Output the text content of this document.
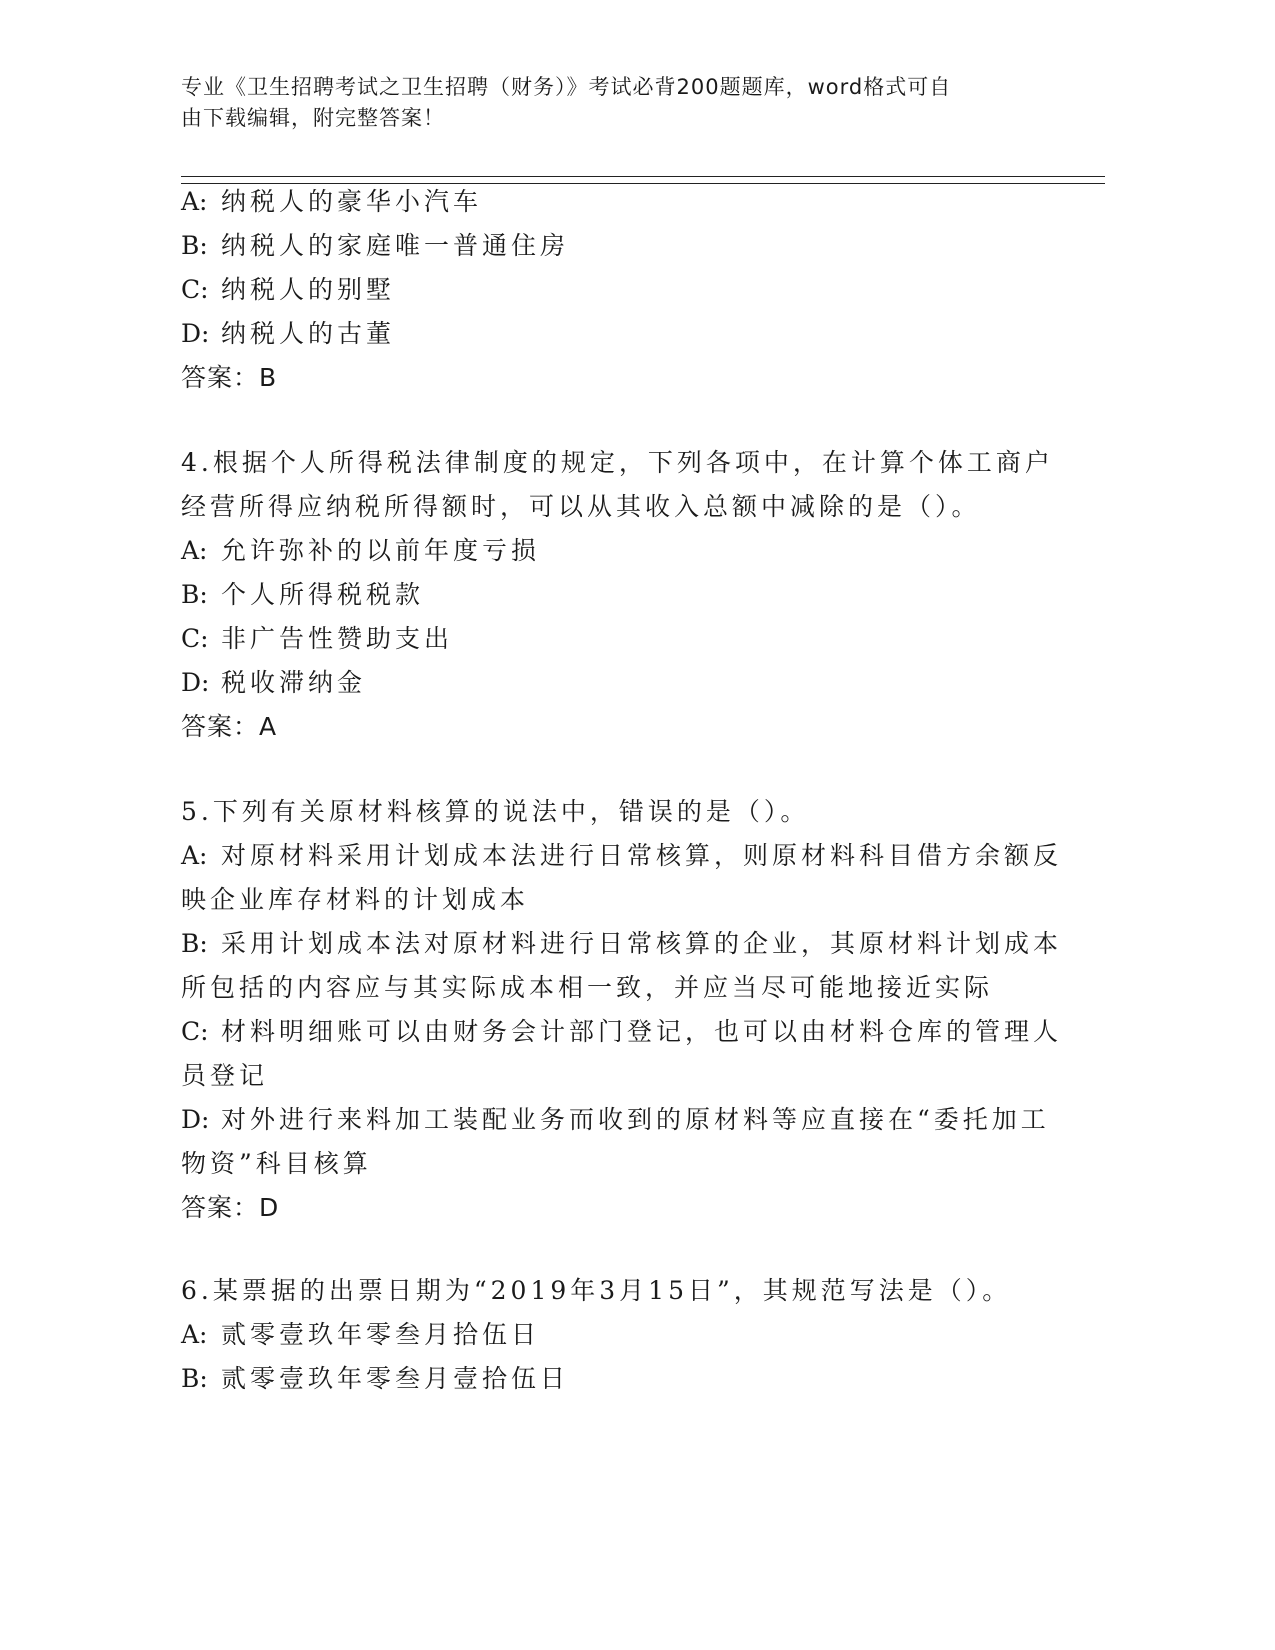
专业《卫生招聘考试之卫生招聘（财务）》考试必背200题题库，word格式可自
由下载编辑，附完整答案！
A: 纳税人的豪华小汽车
B: 纳税人的家庭唯一普通住房
C: 纳税人的别墅
D: 纳税人的古董
答案：B
4.根据个人所得税法律制度的规定，下列各项中，在计算个体工商户
经营所得应纳税所得额时，可以从其收入总额中减除的是（）。
A: 允许弥补的以前年度亏损
B: 个人所得税税款
C: 非广告性赞助支出
D: 税收滞纳金
答案：A
5.下列有关原材料核算的说法中，错误的是（）。
A: 对原材料采用计划成本法进行日常核算，则原材料科目借方余额反
映企业库存材料的计划成本
B: 采用计划成本法对原材料进行日常核算的企业，其原材料计划成本
所包括的内容应与其实际成本相一致，并应当尽可能地接近实际
C: 材料明细账可以由财务会计部门登记，也可以由材料仓库的管理人
员登记
D: 对外进行来料加工装配业务而收到的原材料等应直接在“委托加工
物资”科目核算
答案：D
6.某票据的出票日期为“2019年3月15日”，其规范写法是（）。
A: 贰零壹玖年零叁月拾伍日
B: 贰零壹玖年零叁月壹拾伍日
